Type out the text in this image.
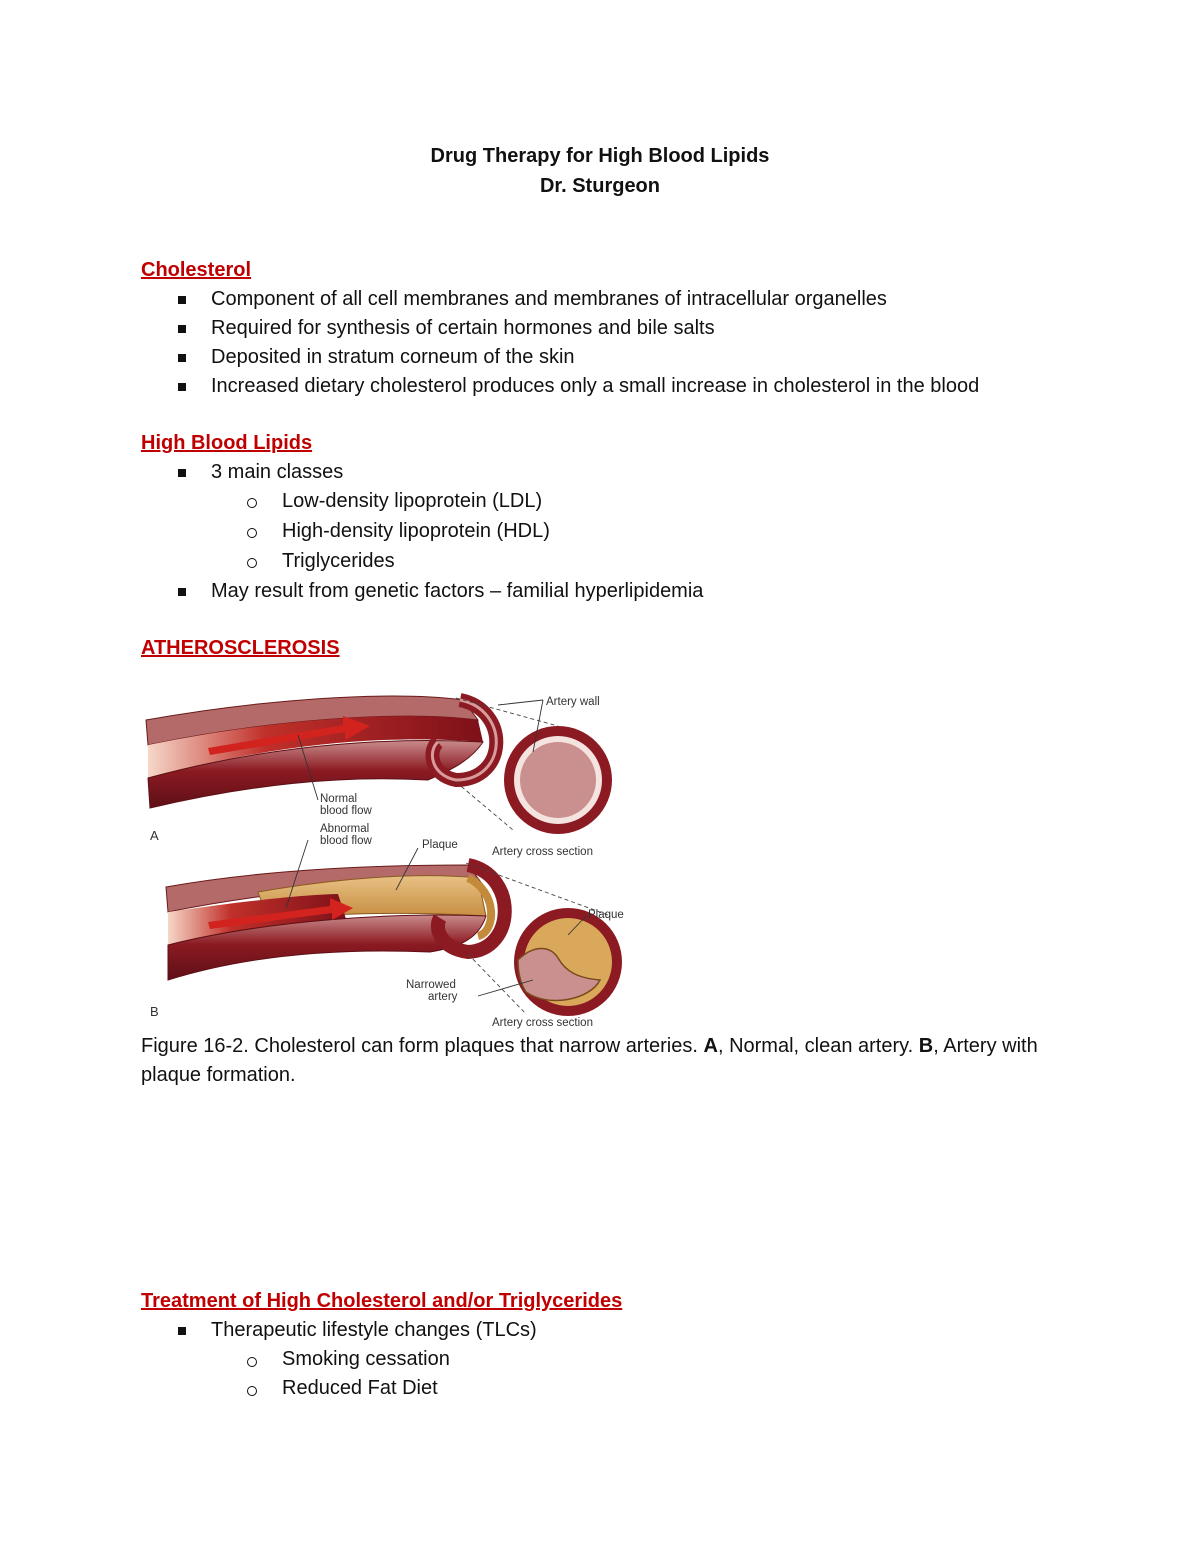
Drug Therapy for High Blood Lipids
Dr. Sturgeon
Cholesterol
Component of all cell membranes and membranes of intracellular organelles
Required for synthesis of certain hormones and bile salts
Deposited in stratum corneum of the skin
Increased dietary cholesterol produces only a small increase in cholesterol in the blood
High Blood Lipids
3 main classes
Low-density lipoprotein (LDL)
High-density lipoprotein (HDL)
Triglycerides
May result from genetic factors – familial hyperlipidemia
ATHEROSCLEROSIS
Artery wall
Normal
blood flow
A	Abnormal
blood flow	Plaque
Artery cross section
Plaque
Narrowed
artery
B
Artery cross section
Figure 16-2. Cholesterol can form plaques that narrow arteries. A, Normal, clean artery. B, Artery with plaque formation.
Treatment of High Cholesterol and/or Triglycerides
Therapeutic lifestyle changes (TLCs)
Smoking cessation
Reduced Fat Diet
